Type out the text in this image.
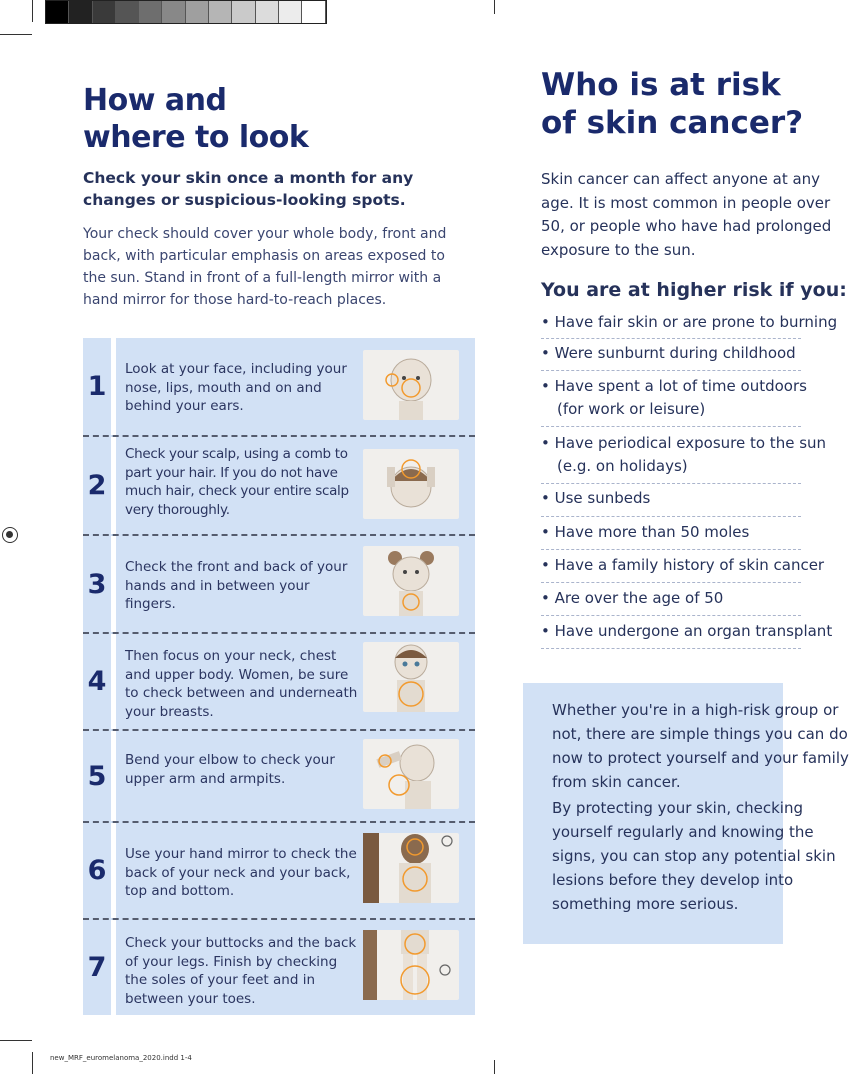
How and
where to look
Check your skin once a month for any changes or suspicious-looking spots.
Your check should cover your whole body, front and back, with particular emphasis on areas exposed to the sun. Stand in front of a full-length mirror with a hand mirror for those hard-to-reach places.
1
Look at your face, including your nose, lips, mouth and on and behind your ears.
2
Check your scalp, using a comb to part your hair. If you do not have much hair, check your entire scalp very thoroughly.
3
Check the front and back of your hands and in between your fingers.
4
Then focus on your neck, chest and upper body. Women, be sure to check between and underneath your breasts.
5
Bend your elbow to check your upper arm and armpits.
6
Use your hand mirror to check the back of your neck and your back, top and bottom.
7
Check your buttocks and the back of your legs. Finish by checking the soles of your feet and in between your toes.
Who is at risk
of skin cancer?
Skin cancer can affect anyone at any age. It is most common in people over 50, or people who have had prolonged exposure to the sun.
You are at higher risk if you:
• Have fair skin or are prone to burning
• Were sunburnt during childhood
• Have spent a lot of time outdoors
(for work or leisure)
• Have periodical exposure to the sun
(e.g. on holidays)
• Use sunbeds
• Have more than 50 moles
• Have a family history of skin cancer
• Are over the age of 50
• Have undergone an organ transplant

Whether you're in a high-risk group or not, there are simple things you can do now to protect yourself and your family from skin cancer.

By protecting your skin, checking yourself regularly and knowing the signs, you can stop any potential skin lesions before they develop into something more serious.

new_MRF_euromelanoma_2020.indd 1-4
